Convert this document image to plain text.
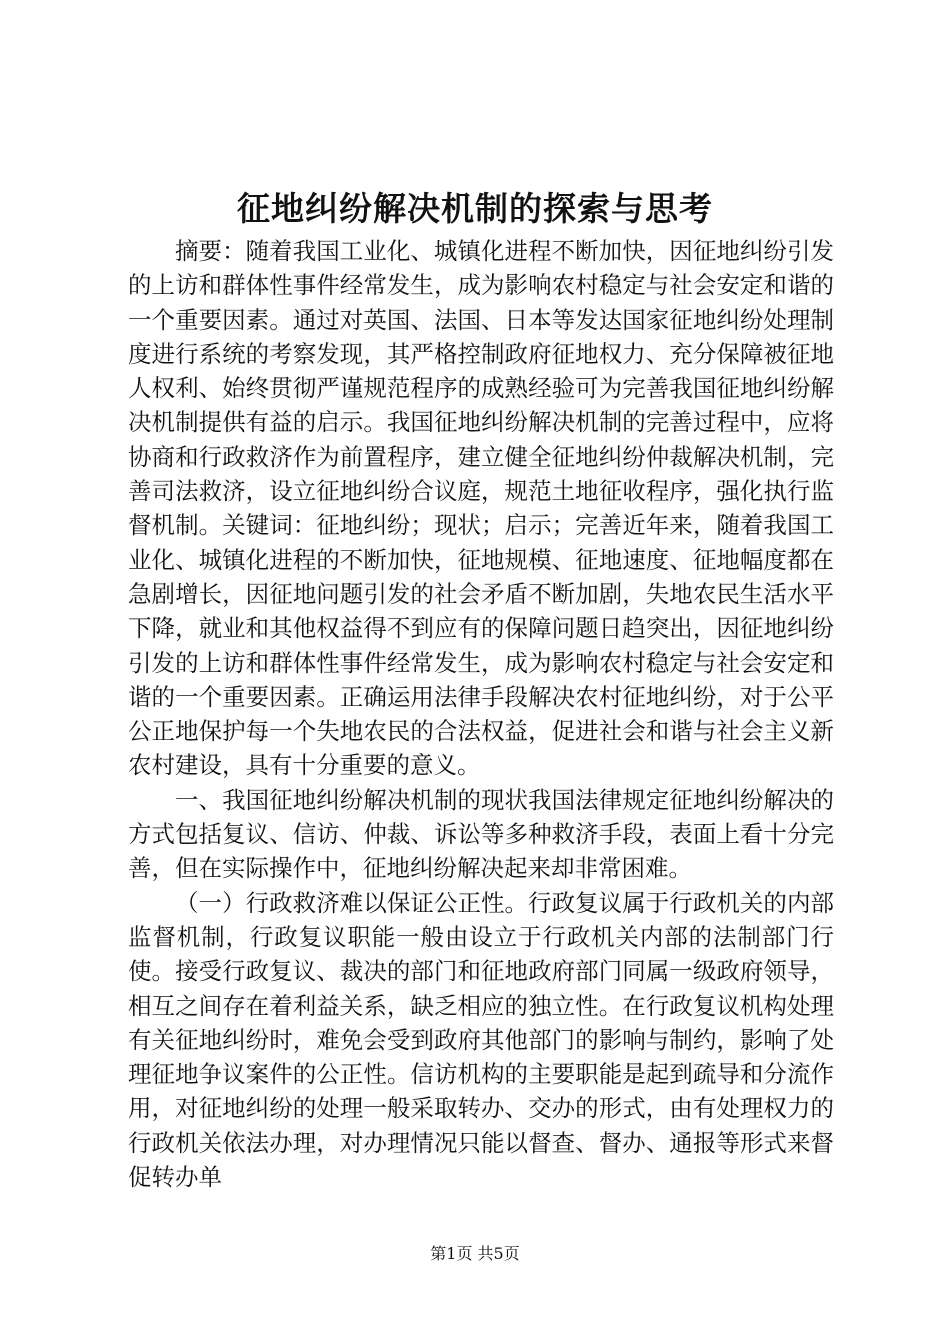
征地纠纷解决机制的探索与思考

摘要：随着我国工业化、城镇化进程不断加快，因征地纠纷引发的上访和群体性事件经常发生，成为影响农村稳定与社会安定和谐的一个重要因素。通过对英国、法国、日本等发达国家征地纠纷处理制度进行系统的考察发现，其严格控制政府征地权力、充分保障被征地人权利、始终贯彻严谨规范程序的成熟经验可为完善我国征地纠纷解决机制提供有益的启示。我国征地纠纷解决机制的完善过程中，应将协商和行政救济作为前置程序，建立健全征地纠纷仲裁解决机制，完善司法救济，设立征地纠纷合议庭，规范土地征收程序，强化执行监督机制。关键词：征地纠纷；现状；启示；完善近年来，随着我国工业化、城镇化进程的不断加快，征地规模、征地速度、征地幅度都在急剧增长，因征地问题引发的社会矛盾不断加剧，失地农民生活水平下降，就业和其他权益得不到应有的保障问题日趋突出，因征地纠纷引发的上访和群体性事件经常发生，成为影响农村稳定与社会安定和谐的一个重要因素。正确运用法律手段解决农村征地纠纷，对于公平公正地保护每一个失地农民的合法权益，促进社会和谐与社会主义新农村建设，具有十分重要的意义。

一、我国征地纠纷解决机制的现状我国法律规定征地纠纷解决的方式包括复议、信访、仲裁、诉讼等多种救济手段，表面上看十分完善，但在实际操作中，征地纠纷解决起来却非常困难。

（一）行政救济难以保证公正性。行政复议属于行政机关的内部监督机制，行政复议职能一般由设立于行政机关内部的法制部门行使。接受行政复议、裁决的部门和征地政府部门同属一级政府领导，相互之间存在着利益关系，缺乏相应的独立性。在行政复议机构处理有关征地纠纷时，难免会受到政府其他部门的影响与制约，影响了处理征地争议案件的公正性。信访机构的主要职能是起到疏导和分流作用，对征地纠纷的处理一般采取转办、交办的形式，由有处理权力的行政机关依法办理，对办理情况只能以督查、督办、通报等形式来督促转办单

第1页 共5页
